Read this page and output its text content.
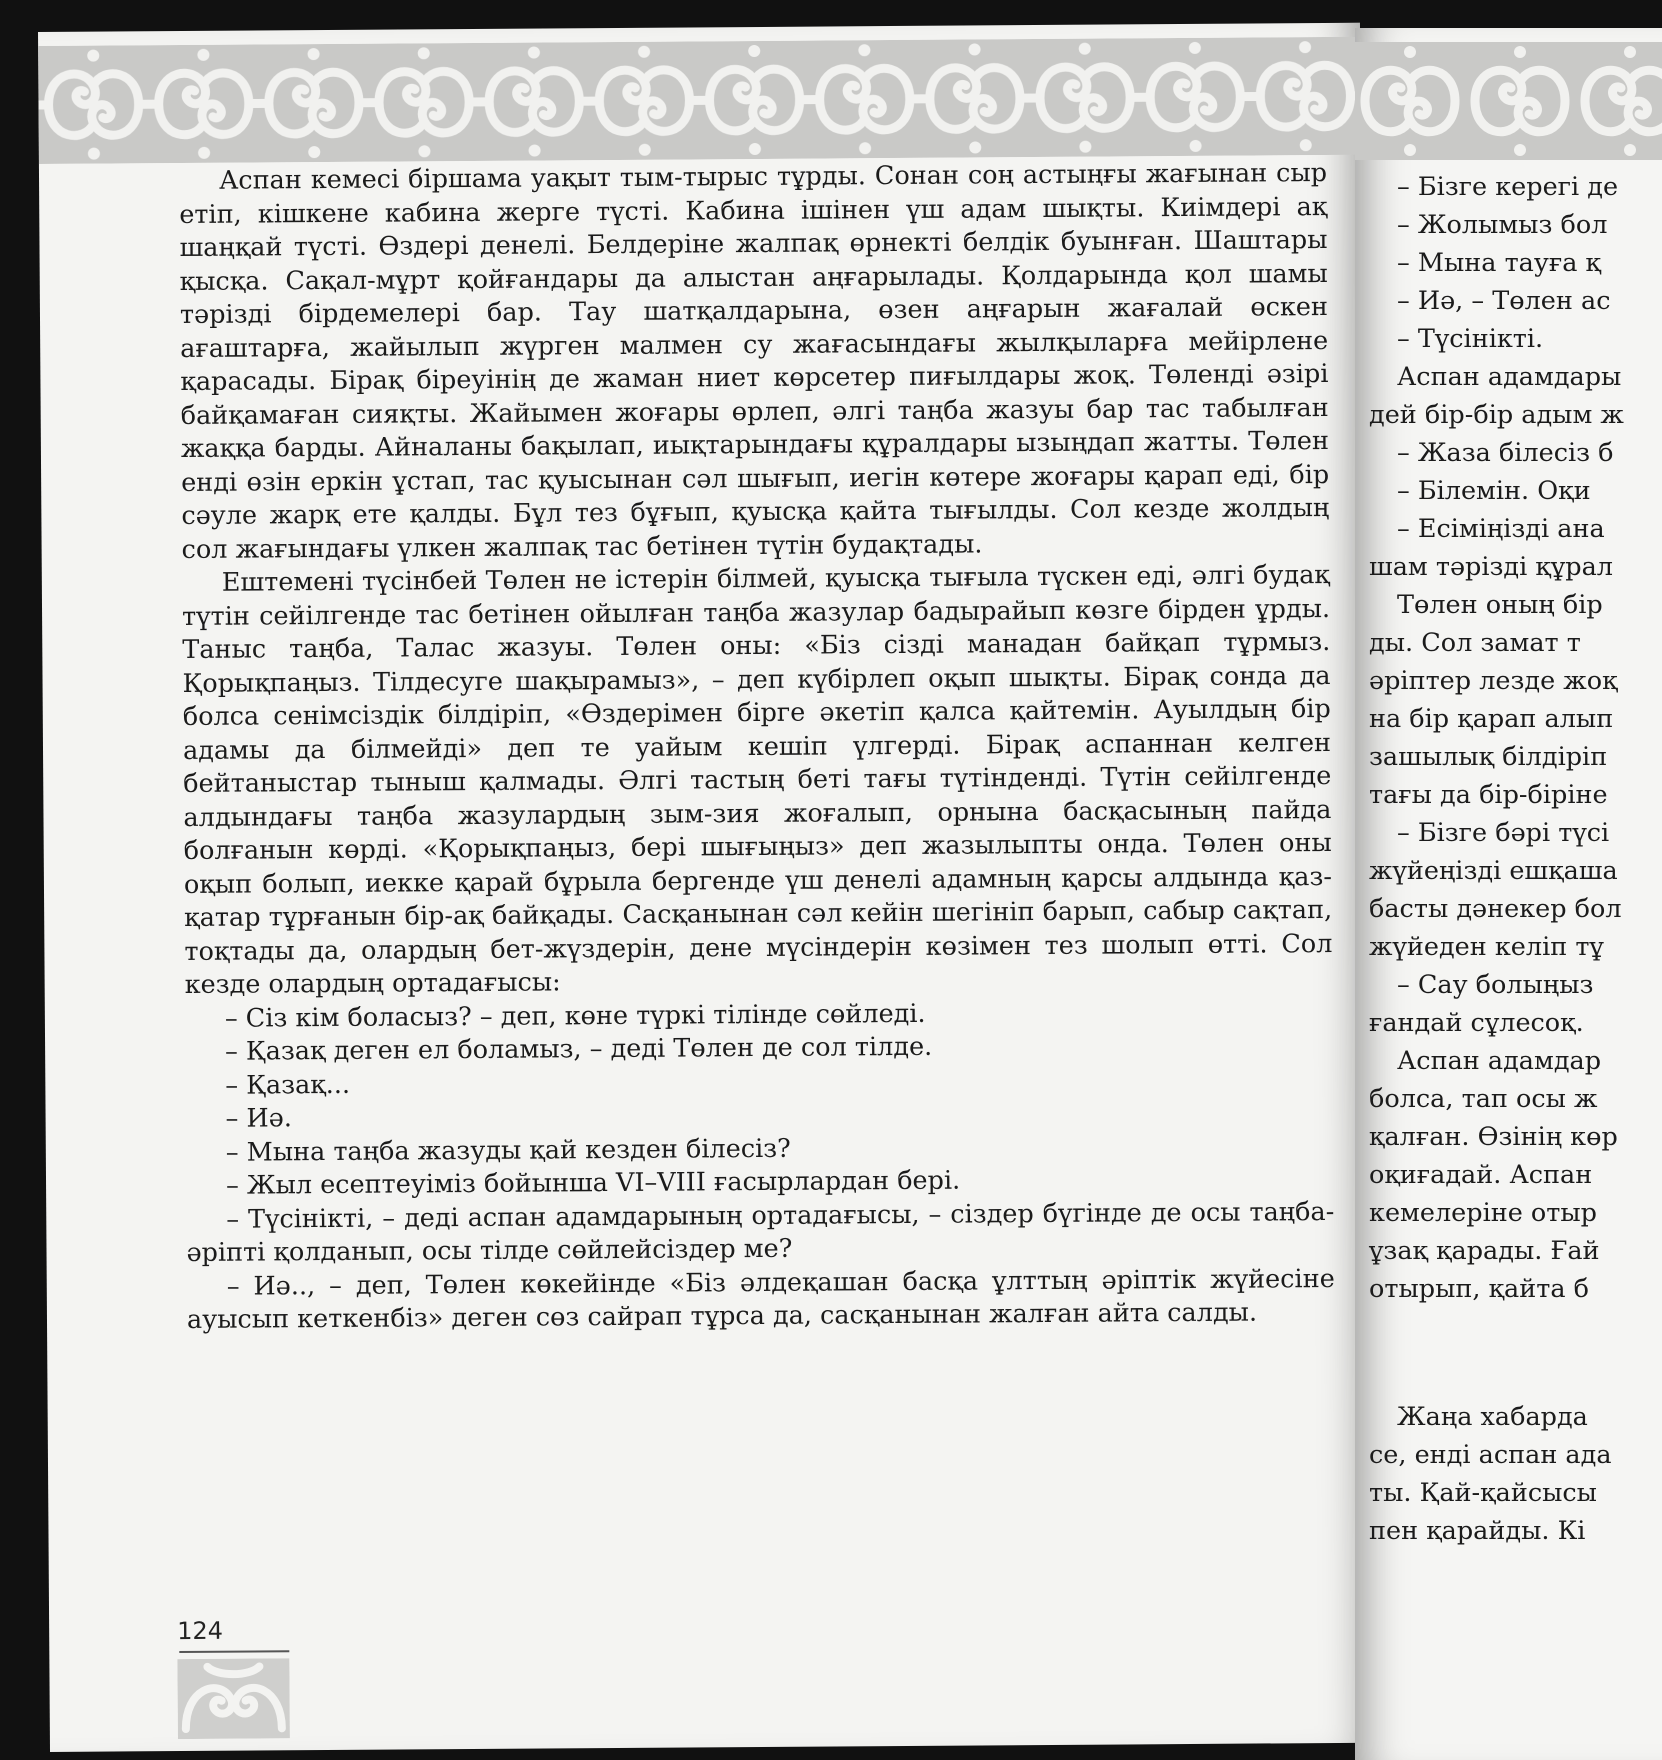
Аспан кемесі біршама уақыт тым-тырыс тұрды. Сонан соң астыңғы жағынан сыр етіп, кішкене кабина жерге түсті. Кабина ішінен үш адам шықты. Киімдері ақ шаңқай түсті. Өздері денелі. Белдеріне жалпақ өрнекті белдік буынған. Шаштары қысқа. Сақал-мұрт қойғандары да алыстан аңғарылады. Қолдарында қол шамы тәрізді бірдемелері бар. Тау шатқалдарына, өзен аңғарын жағалай өскен ағаштарға, жайылып жүрген малмен су жағасындағы жылқыларға мейірлене қарасады. Бірақ біреуінің де жаман ниет көрсетер пиғылдары жоқ. Төленді әзірі байқамаған сияқты. Жайымен жоғары өрлеп, әлгі таңба жазуы бар тас табылған жаққа барды. Айналаны бақылап, иықтарындағы құралдары ызыңдап жатты. Төлен енді өзін еркін ұстап, тас қуысынан сәл шығып, иегін көтере жоғары қарап еді, бір сәуле жарқ ете қалды. Бұл тез бұғып, қуысқа қайта тығылды. Сол кезде жолдың сол жағындағы үлкен жалпақ тас бетінен түтін будақтады.

Ештеменi түсiнбей Төлен не iстерiн бiлмей, қуысқа тығыла түскен едi, әлгi будақ түтiн сейiлгенде тас бетiнен ойылған таңба жазулар бадырайып көзге бiрден ұрды. Таныс таңба, Талас жазуы. Төлен оны: «Бiз сiздi манадан байқап тұрмыз. Қорықпаңыз. Тiлдесуге шақырамыз», – деп күбiрлеп оқып шықты. Бiрақ сонда да болса сенiмсiздiк бiлдiрiп, «Өздерiмен бiрге әкетiп қалса қайтемiн. Ауылдың бiр адамы да бiлмейдi» деп те уайым кешiп үлгердi. Бiрақ аспаннан келген бейтаныстар тыныш қалмады. Әлгi тастың бетi тағы түтiнденді. Түтiн сейiлгенде алдындағы таңба жазулардың зым-зия жоғалып, орнына басқасының пайда болғанын көрдi. «Қорықпаңыз, берi шығыңыз» деп жазылыпты онда. Төлен оны оқып болып, иекке қарай бұрыла бергенде үш денелi адамның қарсы алдында қаз-қатар тұрғанын бiр-ақ байқады. Сасқанынан сәл кейiн шегiнiп барып, сабыр сақтап, тоқтады да, олардың бет-жүздерiн, дене мүсiндерiн көзiмен тез шолып өттi. Сол кезде олардың ортадағысы:

– Сіз кім боласыз? – деп, көне түркі тілінде сөйледі.

– Қазақ деген ел боламыз, – деді Төлен де сол тілде.

– Қазақ...

– Иә.

– Мына таңба жазуды қай кезден білесіз?

– Жыл есептеуіміз бойынша VI–VIII ғасырлардан бері.

– Түсінікті, – деді аспан адамдарының ортадағысы, – сіздер бүгінде де осы таңба-әріпті қолданып, осы тілде сөйлейсіздер ме?

– Иә.., – деп, Төлен көкейінде «Біз әлдеқашан басқа ұлттың әріптік жүйесіне ауысып кеткенбіз» деген сөз сайрап тұрса да, сасқанынан жалған айта салды.

124

– Бізге керегі де

– Жолымыз бол

– Мына тауға қ

– Иә, – Төлен ас

– Түсінікті.

Аспан адамдары

дей бір-бір адым ж

– Жаза білесіз б

– Білемін. Оқи

– Есіміңізді ана

шам тәрізді құрал

Төлен оның бір

ды. Сол замат т

әріптер лезде жоқ

на бір қарап алып

зашылық білдіріп

тағы да бір-біріне

– Бізге бәрі түсі

жүйеңізді ешқаша

басты дәнекер бол

жүйеден келіп тұ

– Сау болыңыз

ғандай сұлесоқ.

Аспан адамдар

болса, тап осы ж

қалған. Өзінің көр

оқиғадай. Аспан

кемелеріне отыр

ұзақ қарады. Ғай

отырып, қайта б

Жаңа хабарда

се, енді аспан ада

ты. Қай-қайсысы

пен қарайды. Кі
